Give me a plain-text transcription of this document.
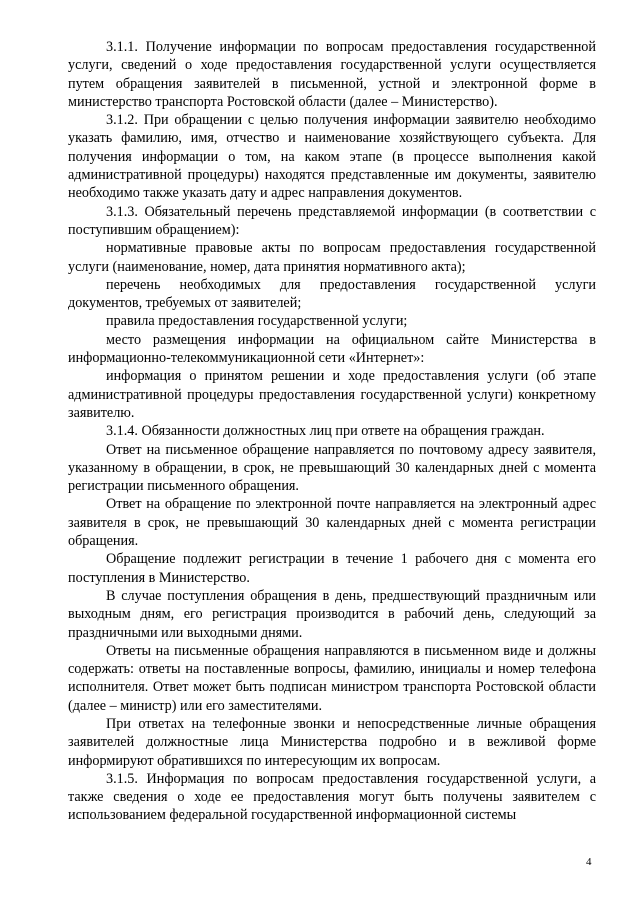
3.1.1. Получение информации по вопросам предоставления государственной услуги, сведений о ходе предоставления государственной услуги осуществляется путем обращения заявителей в письменной, устной и электронной форме в министерство транспорта Ростовской области (далее – Министерство).

3.1.2. При обращении с целью получения информации заявителю необходимо указать фамилию, имя, отчество и наименование хозяйствующего субъекта. Для получения информации о том, на каком этапе (в процессе выполнения какой административной процедуры) находятся представленные им документы, заявителю необходимо также указать дату и адрес направления документов.

3.1.3. Обязательный перечень представляемой информации (в соответствии с поступившим обращением):

нормативные правовые акты по вопросам предоставления государственной услуги (наименование, номер, дата принятия нормативного акта);

перечень необходимых для предоставления государственной услуги документов, требуемых от заявителей;

правила предоставления государственной услуги;

место размещения информации на официальном сайте Министерства в информационно-телекоммуникационной сети «Интернет»:

информация о принятом решении и ходе предоставления услуги (об этапе административной процедуры предоставления государственной услуги) конкретному заявителю.

3.1.4. Обязанности должностных лиц при ответе на обращения граждан.

Ответ на письменное обращение направляется по почтовому адресу заявителя, указанному в обращении, в срок, не превышающий 30 календарных дней с момента регистрации письменного обращения.

Ответ на обращение по электронной почте направляется на электронный адрес заявителя в срок, не превышающий 30 календарных дней с момента регистрации обращения.

Обращение подлежит регистрации в течение 1 рабочего дня с момента его поступления в Министерство.

В случае поступления обращения в день, предшествующий праздничным или выходным дням, его регистрация производится в рабочий день, следующий за праздничными или выходными днями.

Ответы на письменные обращения направляются в письменном виде и должны содержать: ответы на поставленные вопросы, фамилию, инициалы и номер телефона исполнителя. Ответ может быть подписан министром транспорта Ростовской области (далее – министр) или его заместителями.

При ответах на телефонные звонки и непосредственные личные обращения заявителей должностные лица Министерства подробно и в вежливой форме информируют обратившихся по интересующим их вопросам.

3.1.5. Информация по вопросам предоставления государственной услуги, а также сведения о ходе ее предоставления могут быть получены заявителем с использованием федеральной государственной информационной системы

4
